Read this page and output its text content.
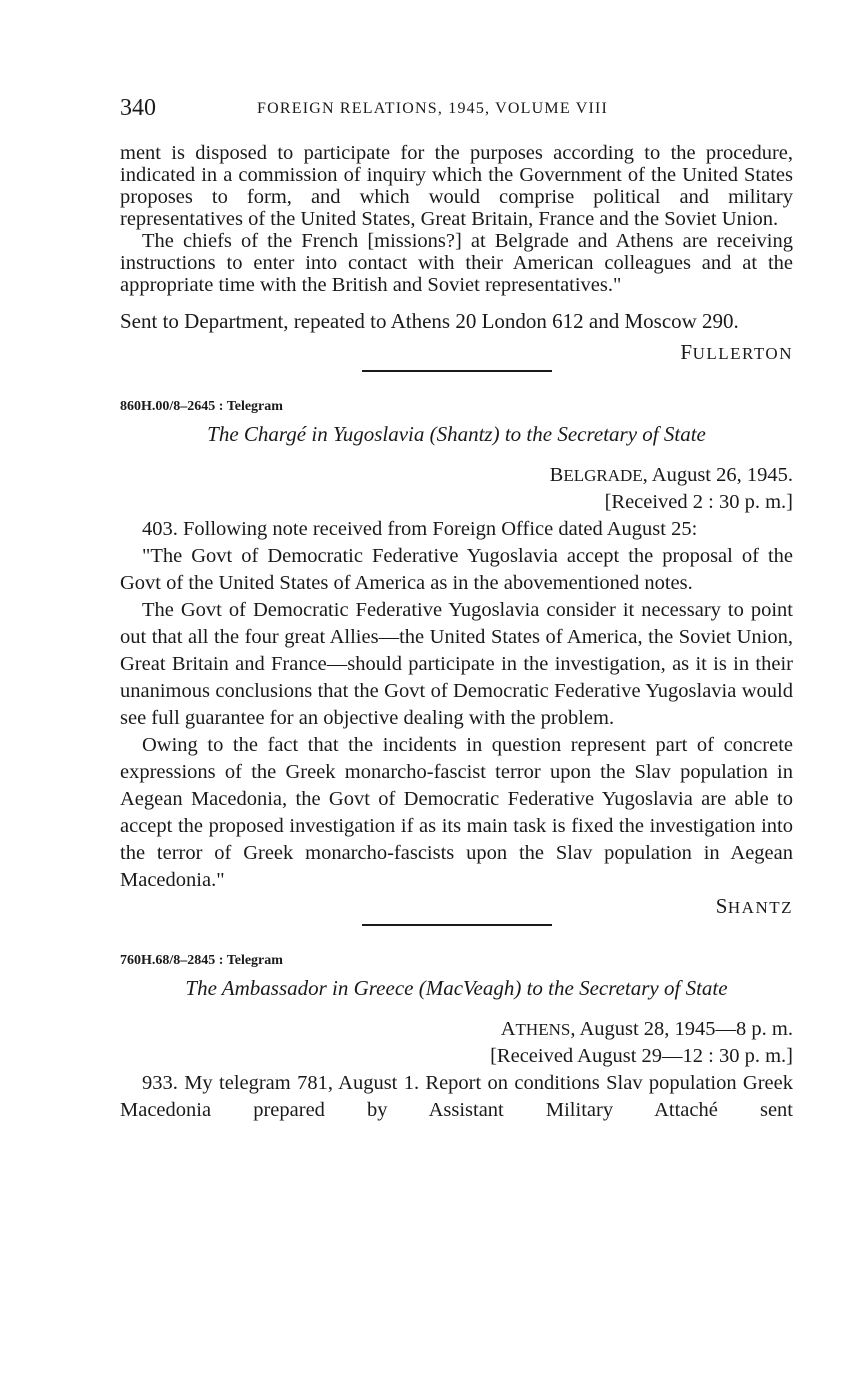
340	FOREIGN RELATIONS, 1945, VOLUME VIII

ment is disposed to participate for the purposes according to the procedure, indicated in a commission of inquiry which the Government of the United States proposes to form, and which would comprise political and military representatives of the United States, Great Britain, France and the Soviet Union.

The chiefs of the French [missions?] at Belgrade and Athens are receiving instructions to enter into contact with their American colleagues and at the appropriate time with the British and Soviet representatives."

Sent to Department, repeated to Athens 20 London 612 and Moscow 290.

FULLERTON
860H.00/8–2645 : Telegram
The Chargé in Yugoslavia (Shantz) to the Secretary of State
BELGRADE, August 26, 1945.
[Received 2 : 30 p. m.]

403. Following note received from Foreign Office dated August 25:

"The Govt of Democratic Federative Yugoslavia accept the proposal of the Govt of the United States of America as in the abovementioned notes.

The Govt of Democratic Federative Yugoslavia consider it necessary to point out that all the four great Allies—the United States of America, the Soviet Union, Great Britain and France—should participate in the investigation, as it is in their unanimous conclusions that the Govt of Democratic Federative Yugoslavia would see full guarantee for an objective dealing with the problem.

Owing to the fact that the incidents in question represent part of concrete expressions of the Greek monarcho-fascist terror upon the Slav population in Aegean Macedonia, the Govt of Democratic Federative Yugoslavia are able to accept the proposed investigation if as its main task is fixed the investigation into the terror of Greek monarcho-fascists upon the Slav population in Aegean Macedonia."

SHANTZ
760H.68/8–2845 : Telegram
The Ambassador in Greece (MacVeagh) to the Secretary of State
ATHENS, August 28, 1945—8 p. m.
[Received August 29—12 : 30 p. m.]

933. My telegram 781, August 1. Report on conditions Slav population Greek Macedonia prepared by Assistant Military Attaché sent
